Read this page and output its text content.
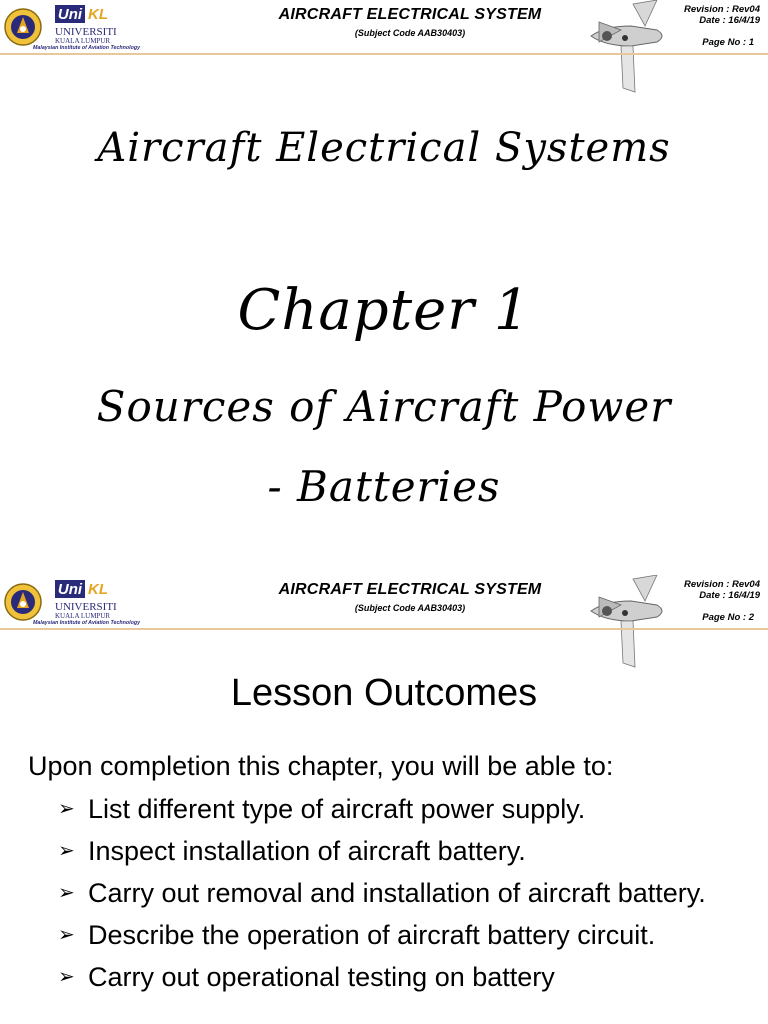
Uni KL
UNIVERSITI
KUALA LUMPUR
Malaysian Institute of Aviation Technology
AIRCRAFT ELECTRICAL SYSTEM
(Subject Code AAB30403)
Revision : Rev04
Date : 16/4/19
Page No : 1
Aircraft Electrical Systems
Chapter 1
Sources of Aircraft Power
- Batteries
Uni KL
UNIVERSITI
KUALA LUMPUR
Malaysian Institute of Aviation Technology
AIRCRAFT ELECTRICAL SYSTEM
(Subject Code AAB30403)
Revision : Rev04
Date : 16/4/19
Page No : 2
Lesson Outcomes
Upon completion this chapter, you will be able to:
➢ List different type of aircraft power supply.
➢ Inspect installation of aircraft battery.
➢ Carry out removal and installation of aircraft battery.
➢ Describe the operation of aircraft battery circuit.
➢ Carry out operational testing on battery
